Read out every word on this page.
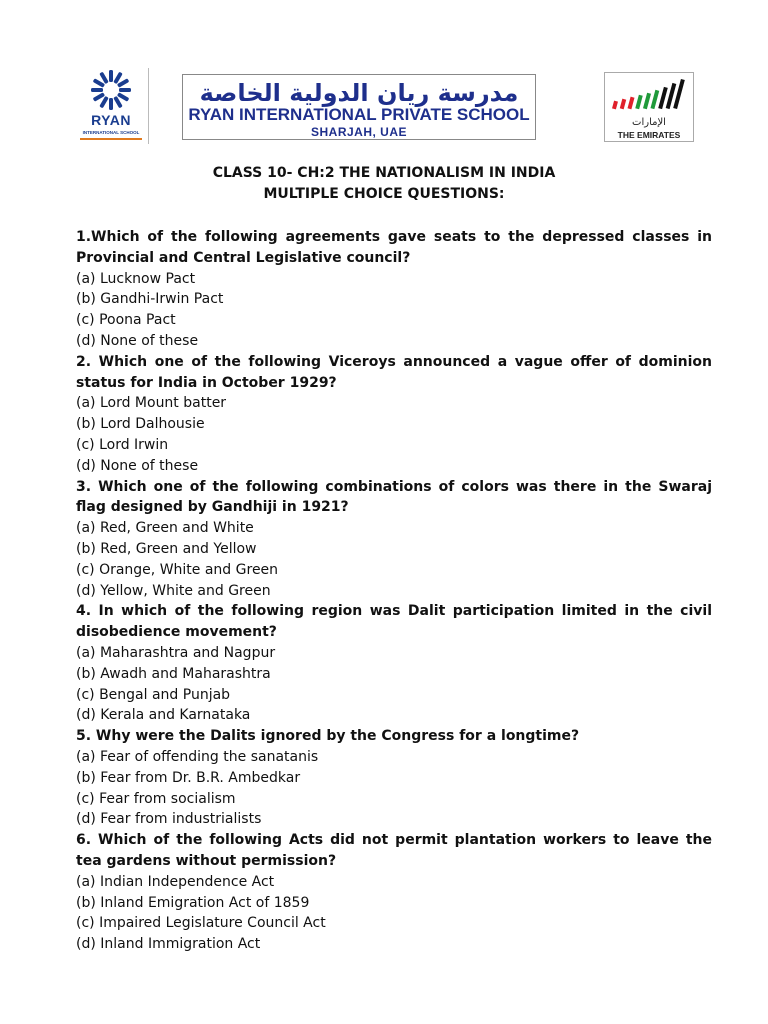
RYAN
INTERNATIONAL SCHOOL
مدرسة ريان الدولية الخاصة
RYAN INTERNATIONAL PRIVATE SCHOOL
SHARJAH, UAE
الإمارات
THE EMIRATES
CLASS 10- CH:2 THE NATIONALISM IN INDIA
MULTIPLE CHOICE QUESTIONS:

1.Which of the following agreements gave seats to the depressed classes in Provincial and Central Legislative council?

(a) Lucknow Pact

(b) Gandhi-Irwin Pact

(c) Poona Pact

(d) None of these

2. Which one of the following Viceroys announced a vague offer of dominion status for India in October 1929?

(a) Lord Mount batter

(b) Lord Dalhousie

(c) Lord Irwin

(d) None of these

3. Which one of the following combinations of colors was there in the Swaraj flag designed by Gandhiji in 1921?

(a) Red, Green and White

(b) Red, Green and Yellow

(c) Orange, White and Green

(d) Yellow, White and Green

4. In which of the following region was Dalit participation limited in the civil disobedience movement?

(a) Maharashtra and Nagpur

(b) Awadh and Maharashtra

(c) Bengal and Punjab

(d) Kerala and Karnataka

5. Why were the Dalits ignored by the Congress for a longtime?

(a) Fear of offending the sanatanis

(b) Fear from Dr. B.R. Ambedkar

(c) Fear from socialism

(d) Fear from industrialists

6. Which of the following Acts did not permit plantation workers to leave the tea gardens without permission?

(a) Indian Independence Act

(b) Inland Emigration Act of 1859

(c) Impaired Legislature Council Act

(d) Inland Immigration Act
